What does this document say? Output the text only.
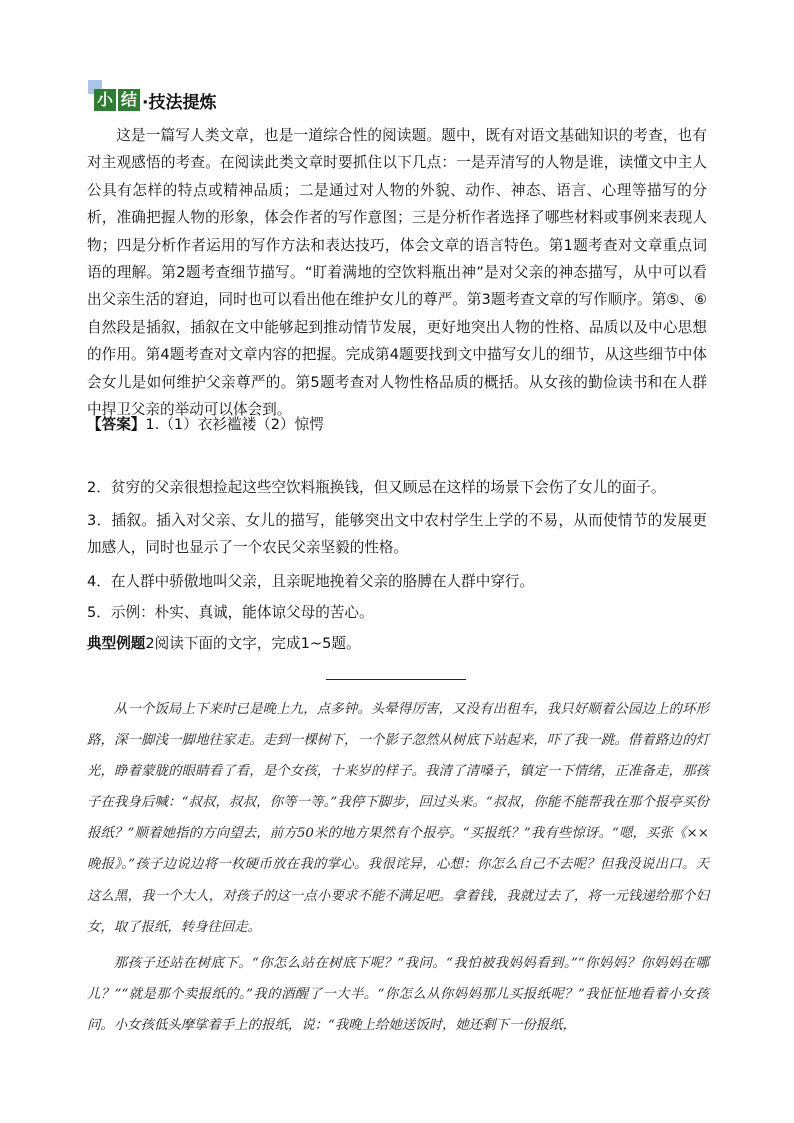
小 结 ·技法提炼

这是一篇写人类文章，也是一道综合性的阅读题。题中，既有对语文基础知识的考查，也有对主观感悟的考查。在阅读此类文章时要抓住以下几点：一是弄清写的人物是谁，读懂文中主人公具有怎样的特点或精神品质；二是通过对人物的外貌、动作、神态、语言、心理等描写的分析，准确把握人物的形象，体会作者的写作意图；三是分析作者选择了哪些材料或事例来表现人物；四是分析作者运用的写作方法和表达技巧，体会文章的语言特色。第1题考查对文章重点词语的理解。第2题考查细节描写。“盯着满地的空饮料瓶出神”是对父亲的神态描写，从中可以看出父亲生活的窘迫，同时也可以看出他在维护女儿的尊严。第3题考查文章的写作顺序。第⑤、⑥自然段是插叙，插叙在文中能够起到推动情节发展，更好地突出人物的性格、品质以及中心思想的作用。第4题考查对文章内容的把握。完成第4题要找到文中描写女儿的细节，从这些细节中体会女儿是如何维护父亲尊严的。第5题考查对人物性格品质的概括。从女孩的勤俭读书和在人群中捍卫父亲的举动可以体会到。

【答案】1.（1）衣衫褴褛（2）惊愕
2．贫穷的父亲很想捡起这些空饮料瓶换钱，但又顾忌在这样的场景下会伤了女儿的面子。
3．插叙。插入对父亲、女儿的描写，能够突出文中农村学生上学的不易，从而使情节的发展更加感人，同时也显示了一个农民父亲坚毅的性格。
4．在人群中骄傲地叫父亲，且亲昵地挽着父亲的胳膊在人群中穿行。
5．示例：朴实、真诚，能体谅父母的苦心。
典型例题2阅读下面的文字，完成1~5题。

从一个饭局上下来时已是晚上九，点多钟。头晕得厉害，又没有出租车，我只好顺着公园边上的环形路，深一脚浅一脚地往家走。走到一棵树下，一个影子忽然从树底下站起来，吓了我一跳。借着路边的灯光，睁着蒙胧的眼睛看了看，是个女孩，十来岁的样子。我清了清嗓子，镇定一下情绪，正准备走，那孩子在我身后喊：“叔叔，叔叔，你等一等。”我停下脚步，回过头来。“叔叔，你能不能帮我在那个报亭买份报纸？”顺着她指的方向望去，前方50米的地方果然有个报亭。“买报纸？”我有些惊讶。“嗯，买张《××晚报》。”孩子边说边将一枚硬币放在我的掌心。我很诧异，心想：你怎么自己不去呢？但我没说出口。天这么黑，我一个大人，对孩子的这一点小要求不能不满足吧。拿着钱，我就过去了，将一元钱递给那个妇女，取了报纸，转身往回走。

那孩子还站在树底下。“你怎么站在树底下呢？”我问。“我怕被我妈妈看到。”“你妈妈？你妈妈在哪儿？”“就是那个卖报纸的。”我的酒醒了一大半。“你怎么从你妈妈那儿买报纸呢？”我怔怔地看着小女孩问。小女孩低头摩挲着手上的报纸，说：“我晚上给她送饭时，她还剩下一份报纸，
